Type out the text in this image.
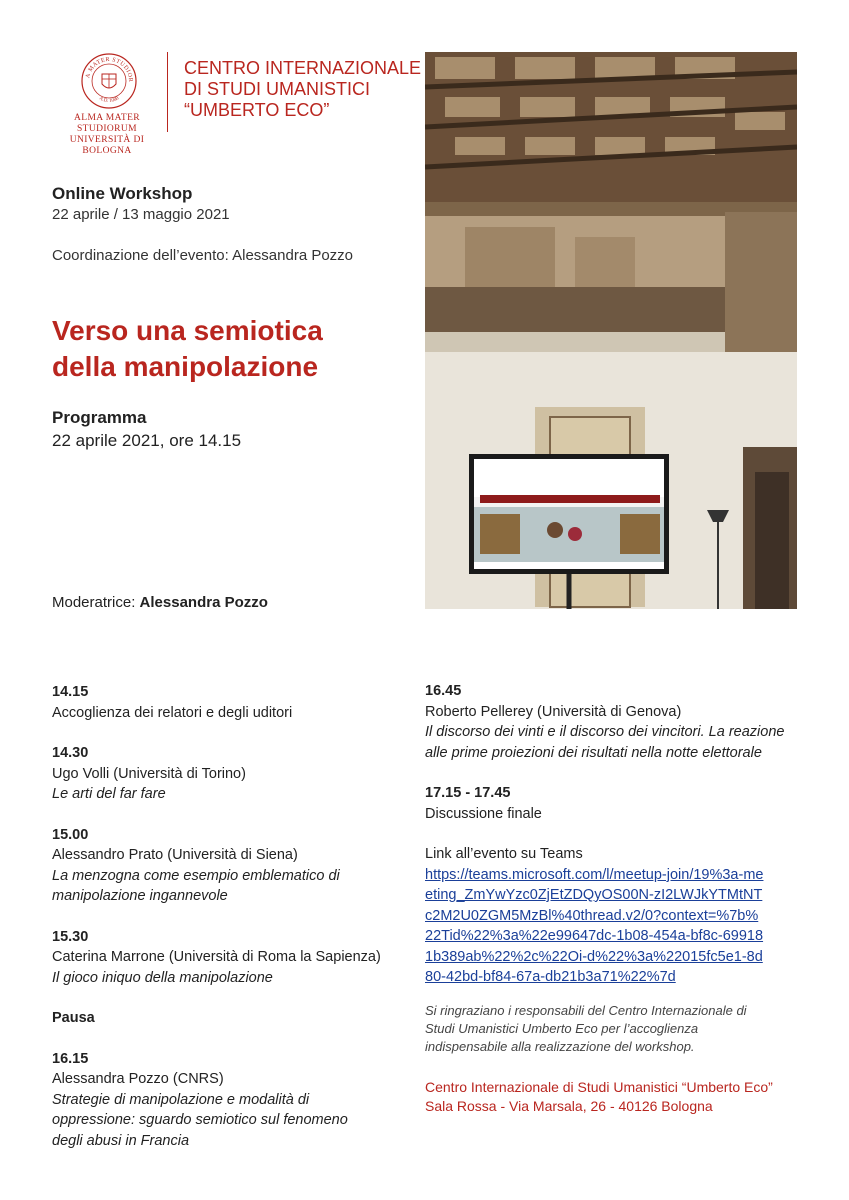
A MATER STUDIOR
A.D. 1088
ALMA MATER STUDIORUM
UNIVERSITÀ DI BOLOGNA
CENTRO INTERNAZIONALE
DI STUDI UMANISTICI
“UMBERTO ECO”
Online Workshop
22 aprile / 13 maggio 2021
Coordinazione dell’evento: Alessandra Pozzo
Verso una semiotica
della manipolazione
Programma
22 aprile 2021, ore 14.15
Moderatrice: Alessandra Pozzo
14.15
Accoglienza dei relatori e degli uditori
14.30
Ugo Volli (Università di Torino)
Le arti del far fare
15.00
Alessandro Prato (Università di Siena)
La menzogna come esempio emblematico di manipolazione ingannevole
15.30
Caterina Marrone (Università di Roma la Sapienza)
Il gioco iniquo della manipolazione
Pausa
16.15
Alessandra Pozzo (CNRS)
Strategie di manipolazione e modalità di oppressione: sguardo semiotico sul fenomeno degli abusi in Francia
16.45
Roberto Pellerey (Università di Genova)
Il discorso dei vinti e il discorso dei vincitori. La reazione alle prime proiezioni dei risultati nella notte elettorale
17.15 - 17.45
Discussione finale
Link all’evento su Teams
https://teams.microsoft.com/l/meetup-join/19%3a-meeting_ZmYwYzc0ZjEtZDQyOS00N-zI2LWJkYTMtNTc2M2U0ZGM5MzBl%40thread.v2/0?context=%7b%22Tid%22%3a%22e99647dc-1b08-454a-bf8c-699181b389ab%22%2c%22Oi-d%22%3a%22015fc5e1-8d80-42bd-bf84-67a-db21b3a71%22%7d
Si ringraziano i responsabili del Centro Internazionale di Studi Umanistici Umberto Eco per l’accoglienza indispensabile alla realizzazione del workshop.
Centro Internazionale di Studi Umanistici “Umberto Eco”
Sala Rossa - Via Marsala, 26 - 40126 Bologna
